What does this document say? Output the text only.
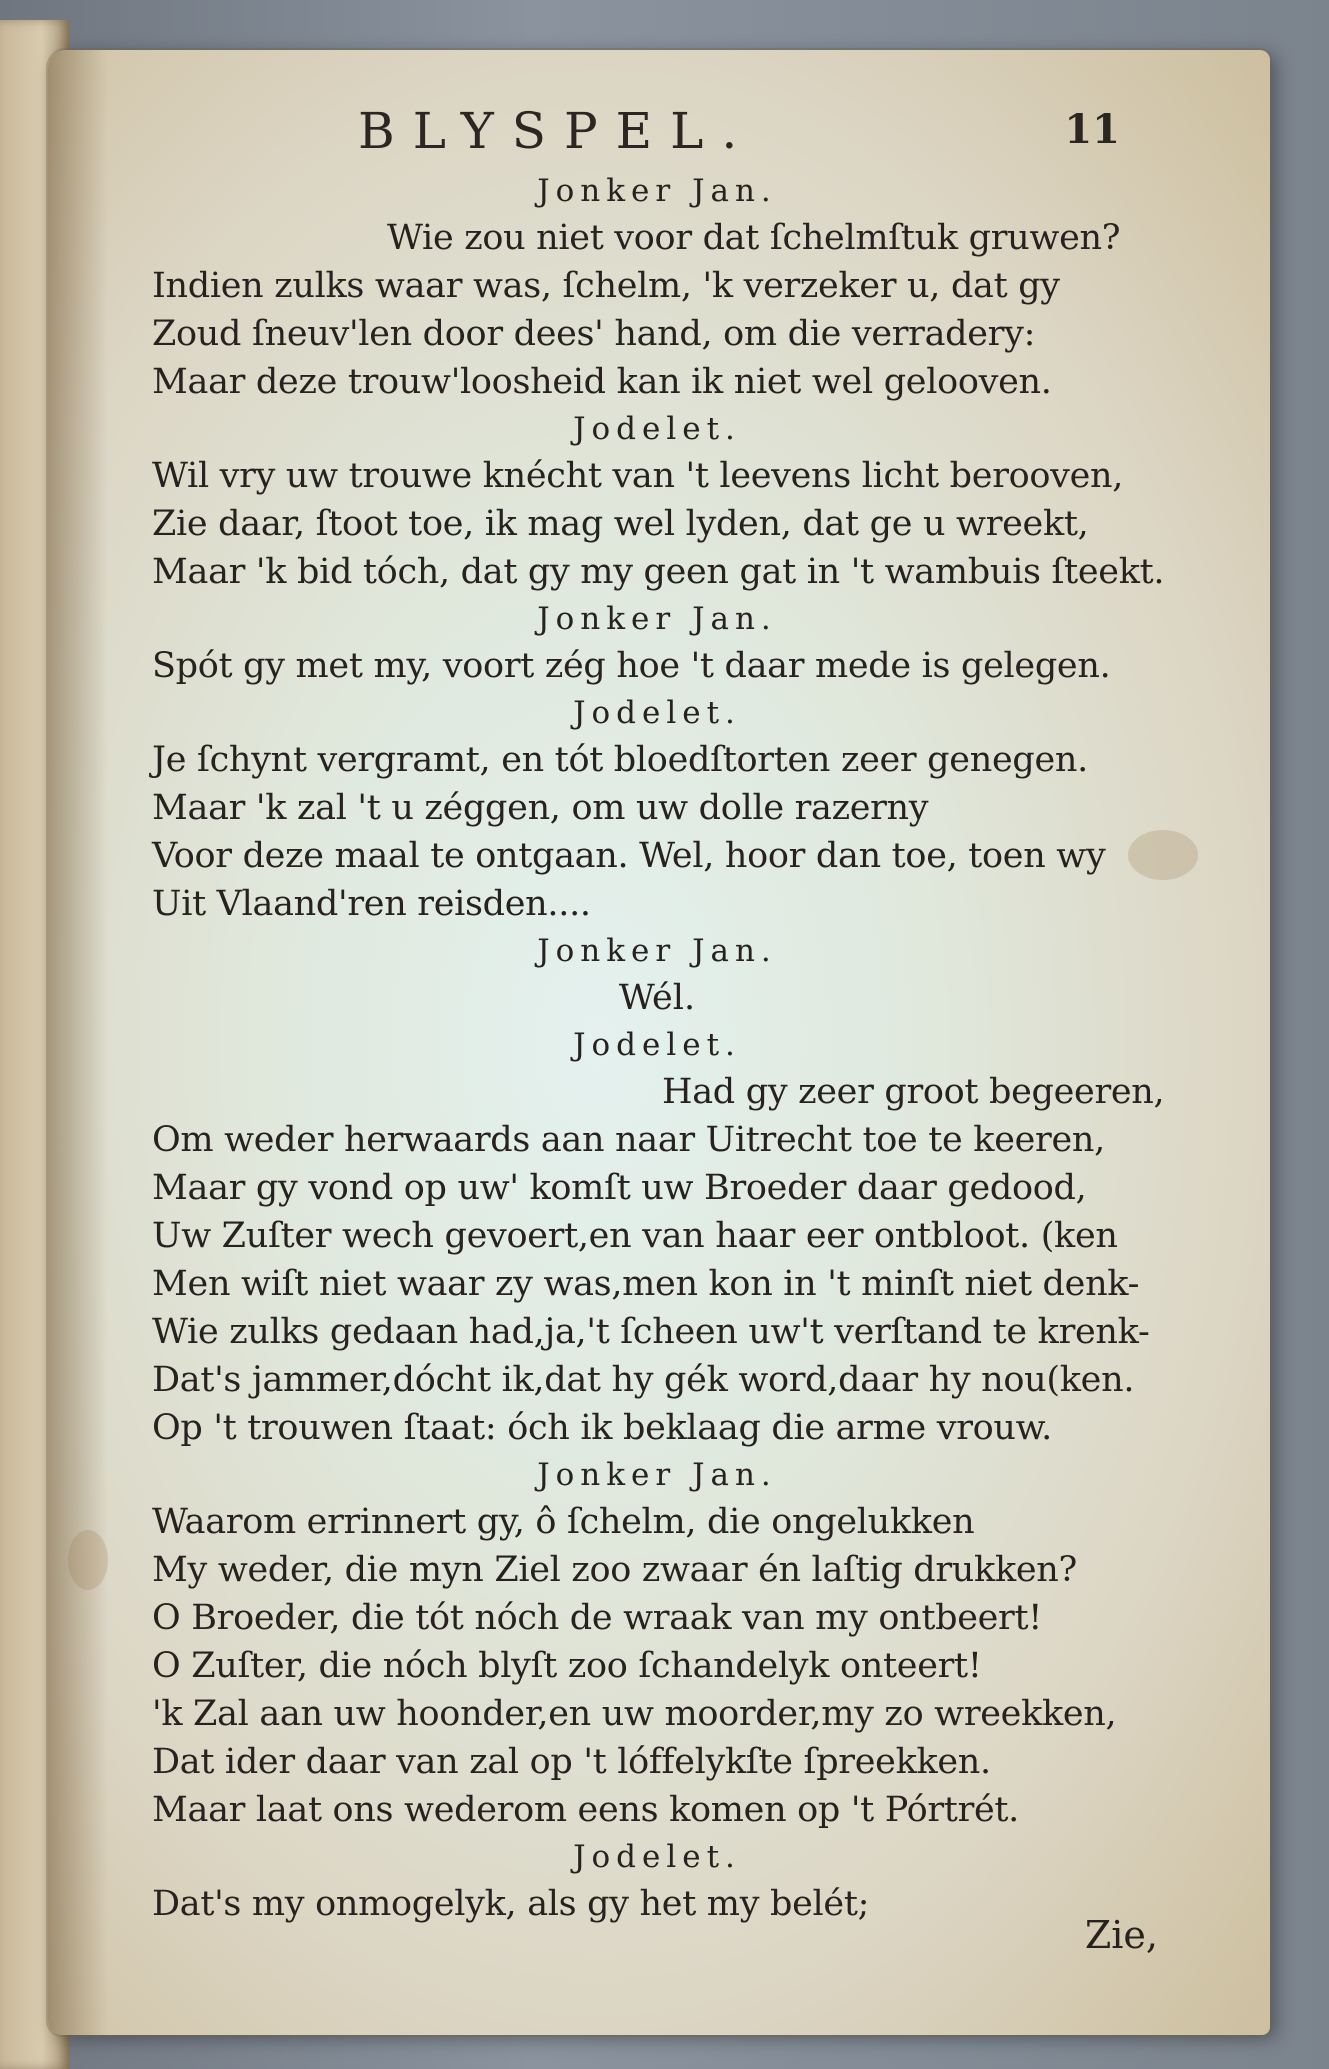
BLYSPEL.	11
Jonker Jan.
Wie zou niet voor dat ſchelmſtuk gruwen?
Indien zulks waar was, ſchelm, 'k verzeker u, dat gy
Zoud ſneuv'len door dees' hand, om die verradery:
Maar deze trouw'loosheid kan ik niet wel gelooven.
Jodelet.
Wil vry uw trouwe knécht van 't leevens licht berooven,
Zie daar, ſtoot toe, ik mag wel lyden, dat ge u wreekt,
Maar 'k bid tóch, dat gy my geen gat in 't wambuis ſteekt.
Jonker Jan.
Spót gy met my, voort zég hoe 't daar mede is gelegen.
Jodelet.
Je ſchynt vergramt, en tót bloedſtorten zeer genegen.
Maar 'k zal 't u zéggen, om uw dolle razerny
Voor deze maal te ontgaan. Wel, hoor dan toe, toen wy
Uit Vlaand'ren reisden....
Jonker Jan.
Wél.
Jodelet.
Had gy zeer groot begeeren,
Om weder herwaards aan naar Uitrecht toe te keeren,
Maar gy vond op uw' komſt uw Broeder daar gedood,
Uw Zuſter wech gevoert,en van haar eer ontbloot. (ken
Men wiſt niet waar zy was,men kon in 't minſt niet denk-
Wie zulks gedaan had,ja,'t ſcheen uw't verſtand te krenk-
Dat's jammer,dócht ik,dat hy gék word,daar hy nou(ken.
Op 't trouwen ſtaat: óch ik beklaag die arme vrouw.
Jonker Jan.
Waarom errinnert gy, ô ſchelm, die ongelukken
My weder, die myn Ziel zoo zwaar én laſtig drukken?
O Broeder, die tót nóch de wraak van my ontbeert!
O Zuſter, die nóch blyſt zoo ſchandelyk onteert!
'k Zal aan uw hoonder,en uw moorder,my zo wreekken,
Dat ider daar van zal op 't lóffelykſte ſpreekken.
Maar laat ons wederom eens komen op 't Pórtrét.
Jodelet.
Dat's my onmogelyk, als gy het my belét;
Zie,
